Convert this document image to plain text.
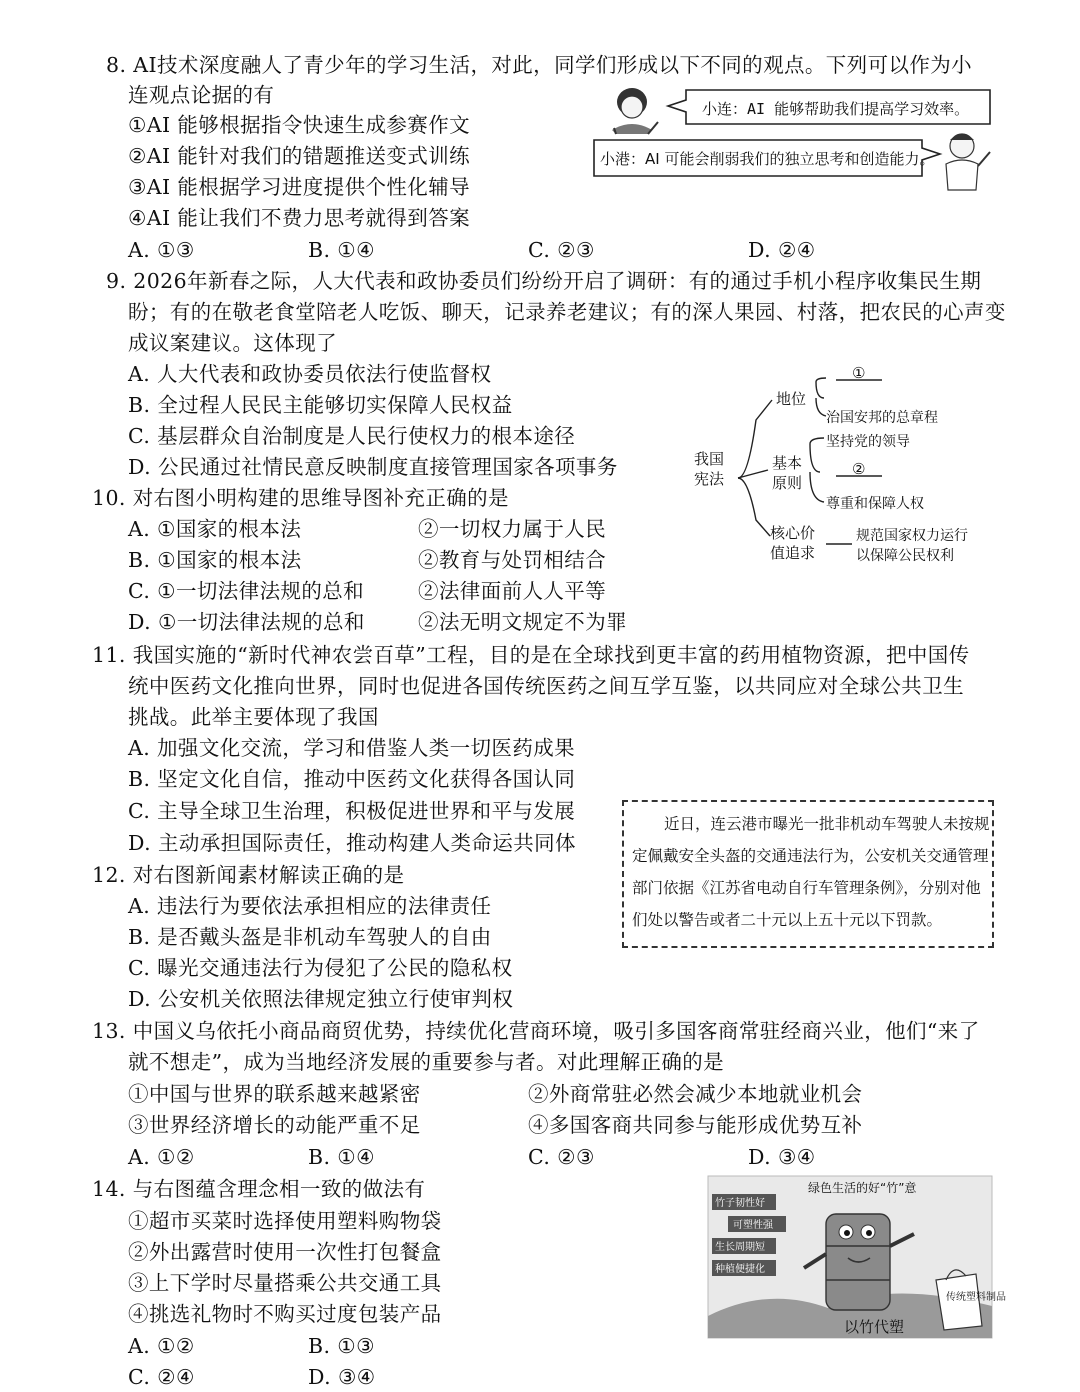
8. AI技术深度融人了青少年的学习生活，对此，同学们形成以下不同的观点。下列可以作为小
连观点论据的有
①AI 能够根据指令快速生成参赛作文
②AI 能针对我们的错题推送变式训练
③AI 能根据学习进度提供个性化辅导
④AI 能让我们不费力思考就得到答案
A. ①③	B. ①④	C. ②③	D. ②④
小连：AI 能够帮助我们提高学习效率。
小港：AI 可能会削弱我们的独立思考和创造能力。
9. 2026年新春之际，人大代表和政协委员们纷纷开启了调研：有的通过手机小程序收集民生期
盼；有的在敬老食堂陪老人吃饭、聊天，记录养老建议；有的深人果园、村落，把农民的心声变
成议案建议。这体现了
A. 人大代表和政协委员依法行使监督权
B. 全过程人民民主能够切实保障人民权益
C. 基层群众自治制度是人民行使权力的根本途径
D. 公民通过社情民意反映制度直接管理国家各项事务	我国
宪法
地位
①
治国安邦的总章程
基本
原则
坚持党的领导
②
尊重和保障人权
核心价
值追求
规范国家权力运行
以保障公民权利
10. 对右图小明构建的思维导图补充正确的是
A. ①国家的根本法	②一切权力属于人民
B. ①国家的根本法	②教育与处罚相结合
C. ①一切法律法规的总和	②法律面前人人平等
D. ①一切法律法规的总和	②法无明文规定不为罪
11. 我国实施的“新时代神农尝百草”工程，目的是在全球找到更丰富的药用植物资源，把中国传
统中医药文化推向世界，同时也促进各国传统医药之间互学互鉴，以共同应对全球公共卫生
挑战。此举主要体现了我国
A. 加强文化交流，学习和借鉴人类一切医药成果
B. 坚定文化自信，推动中医药文化获得各国认同
C. 主导全球卫生治理，积极促进世界和平与发展
D. 主动承担国际责任，推动构建人类命运共同体
近日，连云港市曝光一批非机动车驾驶人未按规
定佩戴安全头盔的交通违法行为，公安机关交通管理
部门依据《江苏省电动自行车管理条例》，分别对他
们处以警告或者二十元以上五十元以下罚款。
12. 对右图新闻素材解读正确的是
A. 违法行为要依法承担相应的法律责任
B. 是否戴头盔是非机动车驾驶人的自由
C. 曝光交通违法行为侵犯了公民的隐私权
D. 公安机关依照法律规定独立行使审判权
13. 中国义乌依托小商品商贸优势，持续优化营商环境，吸引多国客商常驻经商兴业，他们“来了
就不想走”，成为当地经济发展的重要参与者。对此理解正确的是
①中国与世界的联系越来越紧密	②外商常驻必然会减少本地就业机会
③世界经济增长的动能严重不足	④多国客商共同参与能形成优势互补
A. ①②	B. ①④	C. ②③	D. ③④
14. 与右图蕴含理念相一致的做法有
①超市买菜时选择使用塑料购物袋
②外出露营时使用一次性打包餐盒
③上下学时尽量搭乘公共交通工具
④挑选礼物时不购买过度包装产品
A. ①②	B. ①③
C. ②④	D. ③④
传统塑料制品
绿色生活的好“竹”意
竹子韧性好
可塑性强
生长周期短
种植便捷化
以竹代塑
